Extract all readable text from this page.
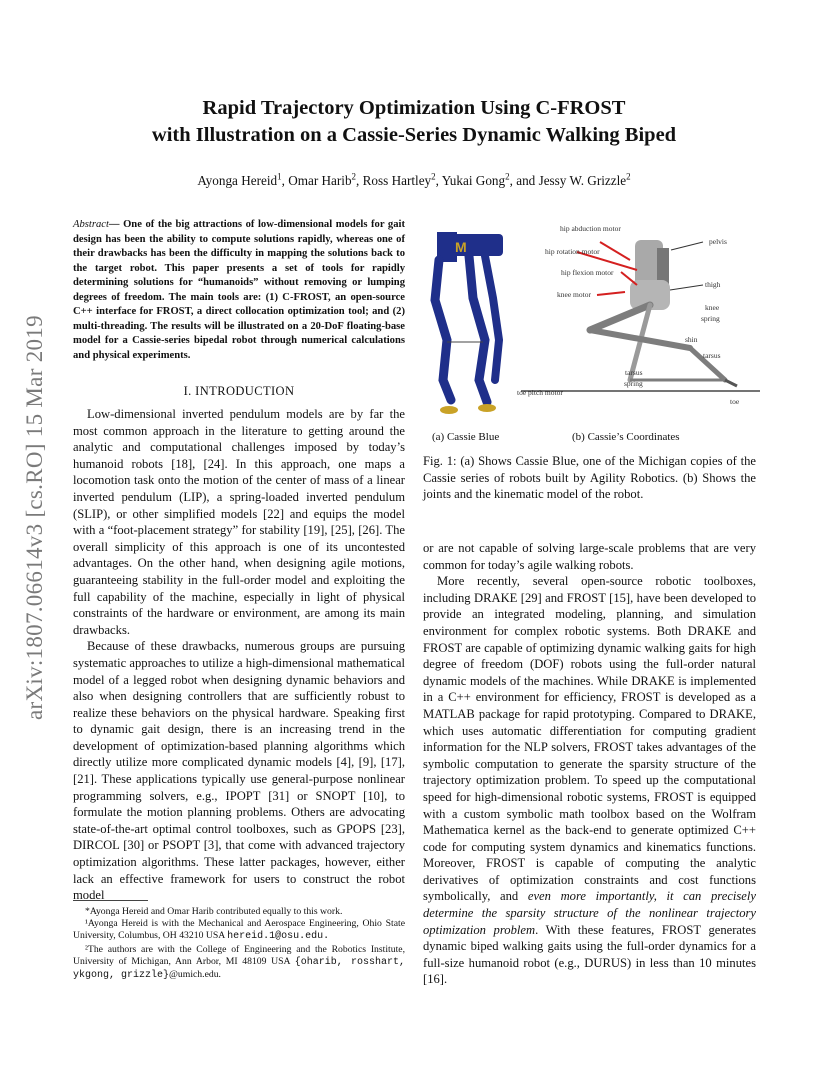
arXiv:1807.06614v3 [cs.RO] 15 Mar 2019
Rapid Trajectory Optimization Using C-FROST
with Illustration on a Cassie-Series Dynamic Walking Biped
Ayonga Hereid$^1$, Omar Harib$^2$, Ross Hartley$^2$, Yukai Gong$^2$, and Jessy W. Grizzle$^2$
Abstract— One of the big attractions of low-dimensional models for gait design has been the ability to compute solutions rapidly, whereas one of their drawbacks has been the difficulty in mapping the solutions back to the target robot. This paper presents a set of tools for rapidly determining solutions for “humanoids” without removing or lumping degrees of freedom. The main tools are: (1) C-FROST, an open-source C++ interface for FROST, a direct collocation optimization tool; and (2) multi-threading. The results will be illustrated on a 20-DoF floating-base model for a Cassie-series bipedal robot through numerical calculations and physical experiments.
I. INTRODUCTION

Low-dimensional inverted pendulum models are by far the most common approach in the literature to getting around the analytic and computational challenges imposed by today’s humanoid robots [18], [24]. In this approach, one maps a locomotion task onto the motion of the center of mass of a linear inverted pendulum (LIP), a spring-loaded inverted pendulum (SLIP), or other simplified models [22] and equips the model with a “foot-placement strategy” for stability [19], [25], [26]. The overall simplicity of this approach is one of its uncontested advantages. On the other hand, when designing agile motions, guaranteeing stability in the full-order model and exploiting the full capability of the machine, especially in light of physical constraints of the hardware or environment, are among its main drawbacks.

Because of these drawbacks, numerous groups are pursuing systematic approaches to utilize a high-dimensional mathematical model of a legged robot when designing dynamic behaviors and also when designing controllers that are sufficiently robust to realize these behaviors on the physical hardware. Speaking first to dynamic gait design, there is an increasing trend in the development of optimization-based planning algorithms which directly utilize more complicated dynamic models [4], [9], [17], [21]. These applications typically use general-purpose nonlinear programming solvers, e.g., IPOPT [31] or SNOPT [10], to formulate the motion planning problems. Others are advocating state-of-the-art optimal control toolboxes, such as GPOPS [23], DIRCOL [30] or PSOPT [3], that come with advanced trajectory optimization algorithms. These latter packages, however, either lack an effective framework for users to construct the robot model

*Ayonga Hereid and Omar Harib contributed equally to this work.

¹Ayonga Hereid is with the Mechanical and Aerospace Engineering, Ohio State University, Columbus, OH 43210 USA hereid.1@osu.edu.

²The authors are with the College of Engineering and the Robotics Institute, University of Michigan, Ann Arbor, MI 48109 USA {oharib, rosshart, ykgong, grizzle}@umich.edu.

M
hip abduction motor
hip rotation motor
hip flexion motor
knee motor
pelvis
thigh
knee
spring
shin
tarsus
tarsus
spring
toe pitch motor
toe
(a) Cassie Blue	(b) Cassie’s Coordinates
Fig. 1: (a) Shows Cassie Blue, one of the Michigan copies of the Cassie series of robots built by Agility Robotics. (b) Shows the joints and the kinematic model of the robot.

or are not capable of solving large-scale problems that are very common for today’s agile walking robots.

More recently, several open-source robotic toolboxes, including DRAKE [29] and FROST [15], have been developed to provide an integrated modeling, planning, and simulation environment for complex robotic systems. Both DRAKE and FROST are capable of optimizing dynamic walking gaits for high degree of freedom (DOF) robots using the full-order natural dynamic models of the machines. While DRAKE is implemented in a C++ environment for efficiency, FROST is developed as a MATLAB package for rapid prototyping. Compared to DRAKE, which uses automatic differentiation for computing gradient information for the NLP solvers, FROST takes advantages of the symbolic computation to generate the sparsity structure of the trajectory optimization problem. To speed up the computational speed for high-dimensional robotic systems, FROST is equipped with a custom symbolic math toolbox based on the Wolfram Mathematica kernel as the back-end to generate optimized C++ code for computing system dynamics and kinematics functions. Moreover, FROST is capable of computing the analytic derivatives of optimization constraints and cost functions symbolically, and even more importantly, it can precisely determine the sparsity structure of the nonlinear trajectory optimization problem. With these features, FROST generates dynamic biped walking gaits using the full-order dynamics for a full-size humanoid robot (e.g., DURUS) in less than 10 minutes [16].
